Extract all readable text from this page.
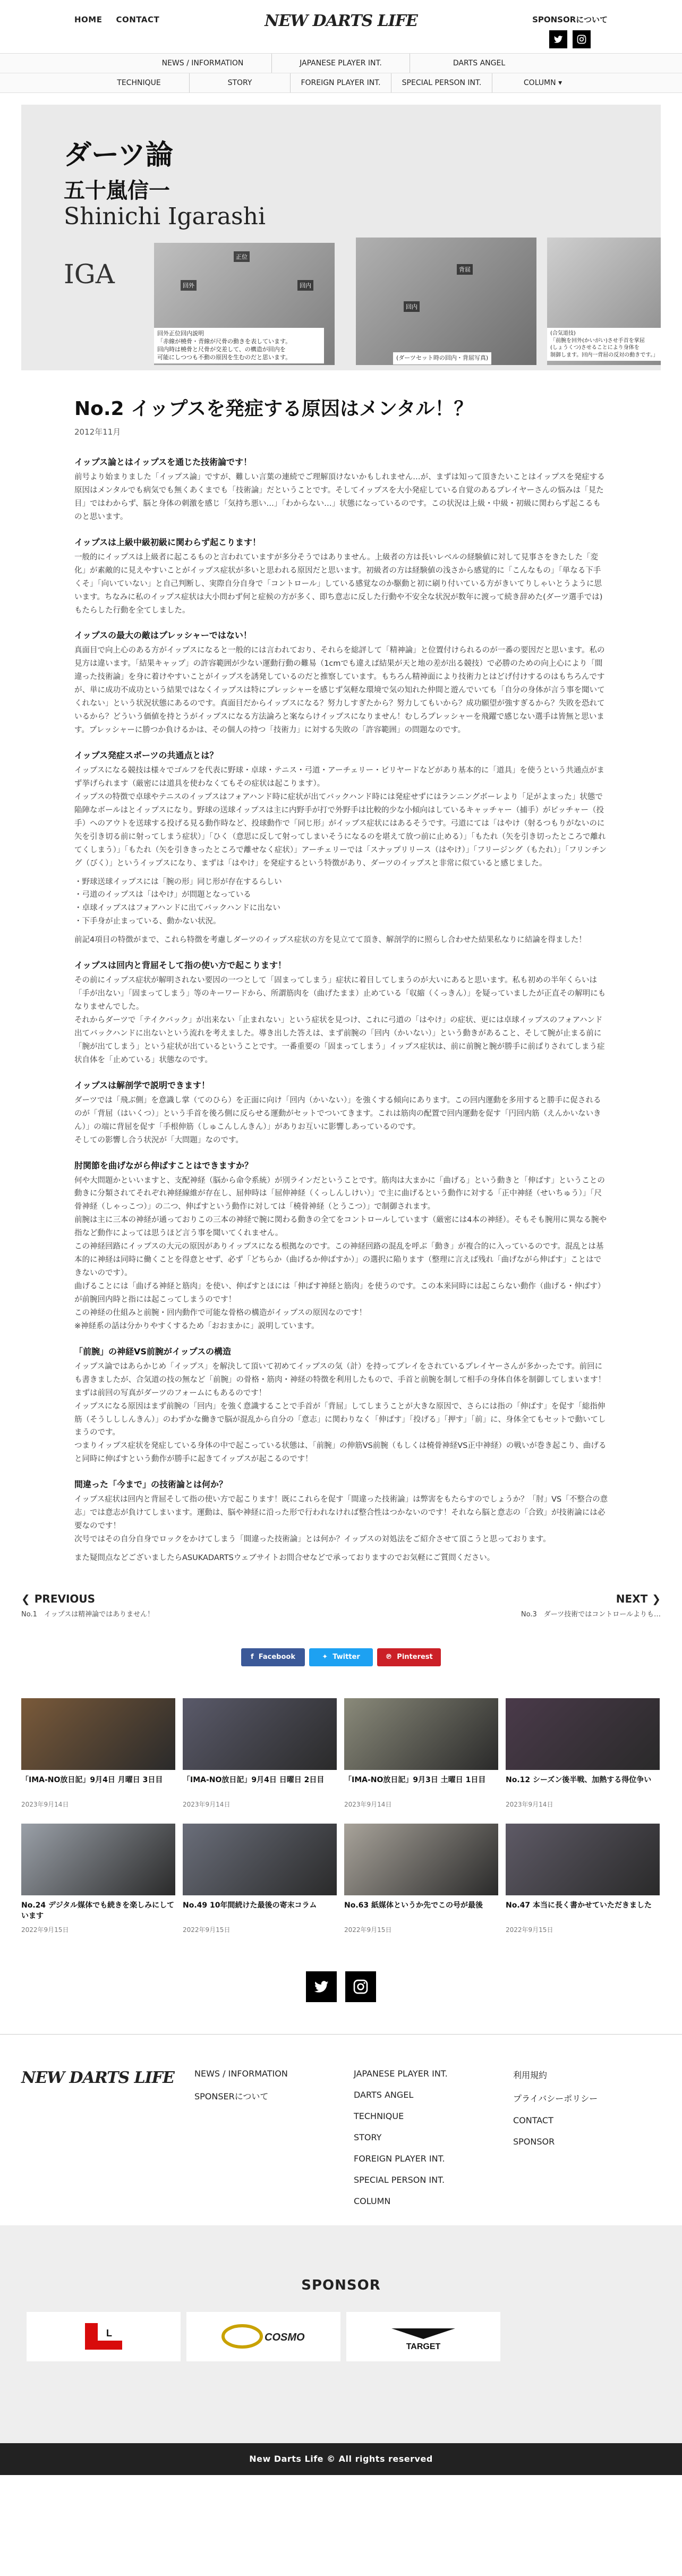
HOME CONTACT	NEW DARTS LIFE	SPONSORについて
NEWS / INFORMATION	JAPANESE PLAYER INT.	DARTS ANGEL
TECHNIQUE	STORY	FOREIGN PLAYER INT.	SPECIAL PERSON INT.	COLUMN ▾
ダーツ論
五十嵐信一
Shinichi Igarashi
IGA	回外
正位
回内
回外正位回内説明
「赤線が橈骨・青線が尺骨の動きを表しています。
回内時は橈骨と尺骨が交差して、の構造が回内を
可能にしつつも不動の原因を生むのだと思います。
背屈
回内
(ダーツセット時の回内・背屈写真)
(合気道技)
「前腕を回外(かいがい)させ手首を掌屈
(しょうくつ)させることにより身体を
制御します。回内一背屈の反対の動きです。」
No.2 イップスを発症する原因はメンタル！？
2012年11月
イップス論とはイップスを通じた技術論です！

前号より始まりました「イップス論」ですが、難しい言葉の連続でご理解頂けないかもしれません…が、まずは知って頂きたいことはイップスを発症する原因はメンタルでも病気でも無くあくまでも「技術論」だということです。そしてイップスを大小発症している自覚のあるプレイヤーさんの悩みは「見た目」ではわからず、脳と身体の刺激を感じ「気持ち悪い…」「わからない…」状態になっているのです。この状況は上級・中級・初級に関わらず起こるものと思います。

イップスは上級中級初級に関わらず起こります！

一般的にイップスは上級者に起こるものと言われていますが多分そうではありません。上級者の方は長いレベルの経験値に対して見事さをきたした「変化」が素敵的に見えやすいことがイップス症状が多いと思われる原因だと思います。初級者の方は経験値の浅さから感覚的に「こんなもの」「単なる下手くそ」「向いていない」と自己判断し、実際自分自身で「コントロール」している感覚なのか駆動と初に刷り付いている方がきいてりしゃいとうように思います。ちなみに私のイップス症状は大小問わず何と症候の方が多く、即ち意志に反した行動や不安全な状況が数年に渡って続き辞めた(ダーツ選手では)もたらした行動を全てしました。

イップスの最大の敵はプレッシャーではない！

真面目で向上心のある方がイップスになると一般的には言われており、それらを総評して「精神論」と位置付けられるのが一番の要因だと思います。私の見方は違います。「結果キャップ」の許容範囲が少ない運動行動の難易（1cmでも違えば結果が天と地の差が出る競技）で必勝のための向上心により「間違った技術論」を身に着けやすいことがイップスを誘発しているのだと推察しています。もちろん精神面により技術力とはどげ付けするのはもちろんですが、単に成功不成功という結果ではなくイップスは特にプレッシャーを感じず気軽な環境で気の知れた仲間と遊んでいても「自分の身体が言う事を聞いてくれない」という状況状態にあるのです。真面目だからイップスになる？努力しすぎたから？努力してもいから？成功願望が強すぎるから？失敗を恐れているから？どういう価値を持とうがイップスになる方法論ろと案ならけイップスになりません！むしろプレッシャーを飛躍で感じない選手は皆無と思います。プレッシャーに勝つか負けるかは、その個人の持つ「技術力」に対する失敗の「許容範囲」の問題なのです。

イップス発症スポーツの共通点とは？

イップスになる競技は様々でゴルフを代表に野球・卓球・テニス・弓道・アーチェリー・ビリヤードなどがあり基本的に「道具」を使うという共通点がまず挙げられます（厳密には道具を使わなくてもその症状は起こります）。
イップスの特徴で卓球やテニスのイップスはフォアハンド時に症状が出てバックハンド時には発症せずにはランニングボーレより「足がよまった」状態で陥陣なボールはとイップスになり。野球の送球イップスは主に内野手が打で外野手は比較的少な小傾向はしているキャッチャー（捕手）がピッチャー（投手）へのアウトを送球する投げる見る動作時など、投球動作で「同じ形」がイップス症状にはあるそうです。弓道にては「はやけ（射るつもりがないのに矢を引き切る前に射ってしまう症状）」「ひく（意思に反して射ってしまいそうになるのを堪えて放つ前に止める）」「もたれ（矢を引き切ったところで離れてくしまう）」「もたれ（矢を引ききったところで離せなく症状）」アーチェリーでは「スナップリリース（はやけ）」「フリージング（もたれ）」「フリンチング（びく）」というイップスになり、まずは「はやけ」を発症するという特徴があり、ダーツのイップスと非常に似ていると感じました。

・野球送球イップスには「腕の形」同じ形が存在するらしい
・弓道のイップスは「はやけ」が問題となっている
・卓球イップスはフォアハンドに出てバックハンドに出ない
・下手身が止まっている、動かない状況。

前記4項目の特徴がまで、これら特徴を考慮しダーツのイップス症状の方を見立てて頂き、解剖学的に照らし合わせた結果私なりに結論を得ました！

イップスは回内と背屈そして指の使い方で起こります！

その前にイップス症状が解明されない要因の一つとして「固まってしまう」症状に着目してしまうのが大いにあると思います。私も初めの半年くらいは「手が出ない」「固まってしまう」等のキーワードから、所謂筋肉を（曲げたまま）止めている「収縮（くっきん）」を疑っていましたが正直その解明にもなりませんでした。
それからダーツで「テイクバック」が出来ない「止まれない」という症状を見つけ、これに弓道の「はやけ」の症状、更には卓球イップスのフォアハンド出てバックハンドに出ないという流れを考えました。導き出した答えは、まず前腕の「回内（かいない）」という動きがあること、そして腕が止まる前に「腕が出てしまう」という症状が出ているということです。一番重要の「固まってしまう」イップス症状は、前に前腕と腕が勝手に前ぱりされてしまう症状自体を「止めている」状態なのです。

イップスは解剖学で説明できます！

ダーツでは「飛ぶ側」を意識し掌（てのひら）を正面に向け「回内（かいない）」を強くする傾向にあります。この回内運動を多用すると勝手に促されるのが「背屈（はいくつ）」という手首を後ろ側に反らせる運動がセットでついてきます。これは筋肉の配置で回内運動を促す「円回内筋（えんかいないきん）」の端に背屈を促す「手根伸筋（しゅこんしんきん）」がありお互いに影響しあっているのです。
そしての影響し合う状況が「大問題」なのです。

肘関節を曲げながら伸ばすことはできますか？

何や大問題かといいますと、支配神経（脳から命令系統）が別ラインだということです。筋肉は大まかに「曲げる」という動きと「伸ばす」ということの動きに分類されてそれぞれ神経線維が存在し、屈伸時は「屈伸神経（くっしんしけい）」で主に曲げるという動作に対する「正中神経（せいちゅう）」「尺骨神経（しゃっこつ）」の二つ、伸ばすという動作に対しては「橈骨神経（とうこつ）」で制御されます。
前腕は主に三本の神経が通っておりこの三本の神経で腕に関わる動きの全てをコントロールしています（厳密には4本の神経）。そもそも腕用に異なる腕や指など動作によっては思うほど言う事を聞いてくれません。
この神経回路にイップスの大元の原因がありイップスになる根拠なのです。この神経回路の混乱を呼ぶ「動き」が複合的に入っているのです。混乱とは基本的に神経は同時に働くことを得意とせず、必ず「どちらか（曲げるか伸ばすか）」の選択に陥ります（整理に言えば残れ「曲げながら伸ばす」ことはできないのです）。
曲げることには「曲げる神経と筋肉」を使い、伸ばすとほには「伸ばす神経と筋肉」を使うのです。この本来同時には起こらない動作（曲げる・伸ばす）が前腕回内時と指には起こってしまうのです！
この神経の仕組みと前腕・回内動作で可能な骨格の構造がイップスの原因なのです！
※神経系の話は分かりやすくするため「おおまかに」説明しています。

「前腕」の神経VS前腕がイップスの構造

イップス論ではあらかじめ「イップス」を解決して頂いて初めてイップスの気（計）を持ってプレイをされているプレイヤーさんが多かったです。前回にも書きましたが、合気道の技の無など「前腕」の骨格・筋肉・神経の特徴を利用したもので、手首と前腕を制して相手の身体自体を制御してしまいます！まずは前回の写真がダーツのフォームにもあるのです！
イップスになる原因はまず前腕の「回内」を強く意識することで手首が「背屈」してしまうことが大きな原因で、さらには指の「伸ばす」を促す「総指伸筋（そうしししんきん）」のわずかな働きで脳が混乱から自分の「意志」に関わりなく「伸ばす」「投げる」「押す」「前」に、身体全てもセットで動いてしまうのです。
つまりイップス症状を発症している身体の中で起こっている状態は、「前腕」の伸筋VS前腕（もしくは橈骨神経VS正中神経）の戦いが巻き起こり、曲げると同時に伸ばすという動作が勝手に起きてイップスが起こるのです！

間違った「今まで」の技術論とは何か？

イップス症状は回内と背屈そして指の使い方で起こります！既にこれらを促す「間違った技術論」は弊害をもたらすのでしょうか？「肘」VS「不整合の意志」では意志が負けてしまいます。運動は、脳や神経に沿った形で行われなければ整合性はつかないのです！それなら脳と意志の「合致」が技術論には必要なのです！
次号ではその自分自身でロックをかけてしまう「間違った技術論」とは何か？イップスの対処法をご紹介させて頂こうと思っております。

また疑問点などございましたらASUKADARTSウェブサイトお問合せなどで承っておりますのでお気軽にご質問ください。

❮ PREVIOUS
No.1　イップスは精神論ではありません！
NEXT ❯
No.3　ダーツ技術ではコントロールよりも…
f Facebook	✦ Twitter	℗ Pinterest
「IMA-NO放日記」9月4日 月曜日 3日目
2023年9月14日
「IMA-NO放日記」9月4日 日曜日 2日目
2023年9月14日
「IMA-NO放日記」9月3日 土曜日 1日目
2023年9月14日
No.12 シーズン後半戦、加熱する得位争い
2023年9月14日
No.24 デジタル媒体でも続きを楽しみにしています
2022年9月15日
No.49 10年間続けた最後の寄末コラム
2022年9月15日
No.63 紙媒体というか先でこの号が最後
2022年9月15日
No.47 本当に長く書かせていただきました
2022年9月15日
NEW DARTS LIFE NEWS / INFORMATION
SPONSERについて
JAPANESE PLAYER INT.
DARTS ANGEL
TECHNIQUE
STORY
FOREIGN PLAYER INT.
SPECIAL PERSON INT.
COLUMN
利用規約
プライバシーポリシー
CONTACT
SPONSOR
SPONSOR
L	COSMO
TARGET
New Darts Life © All rights reserved
